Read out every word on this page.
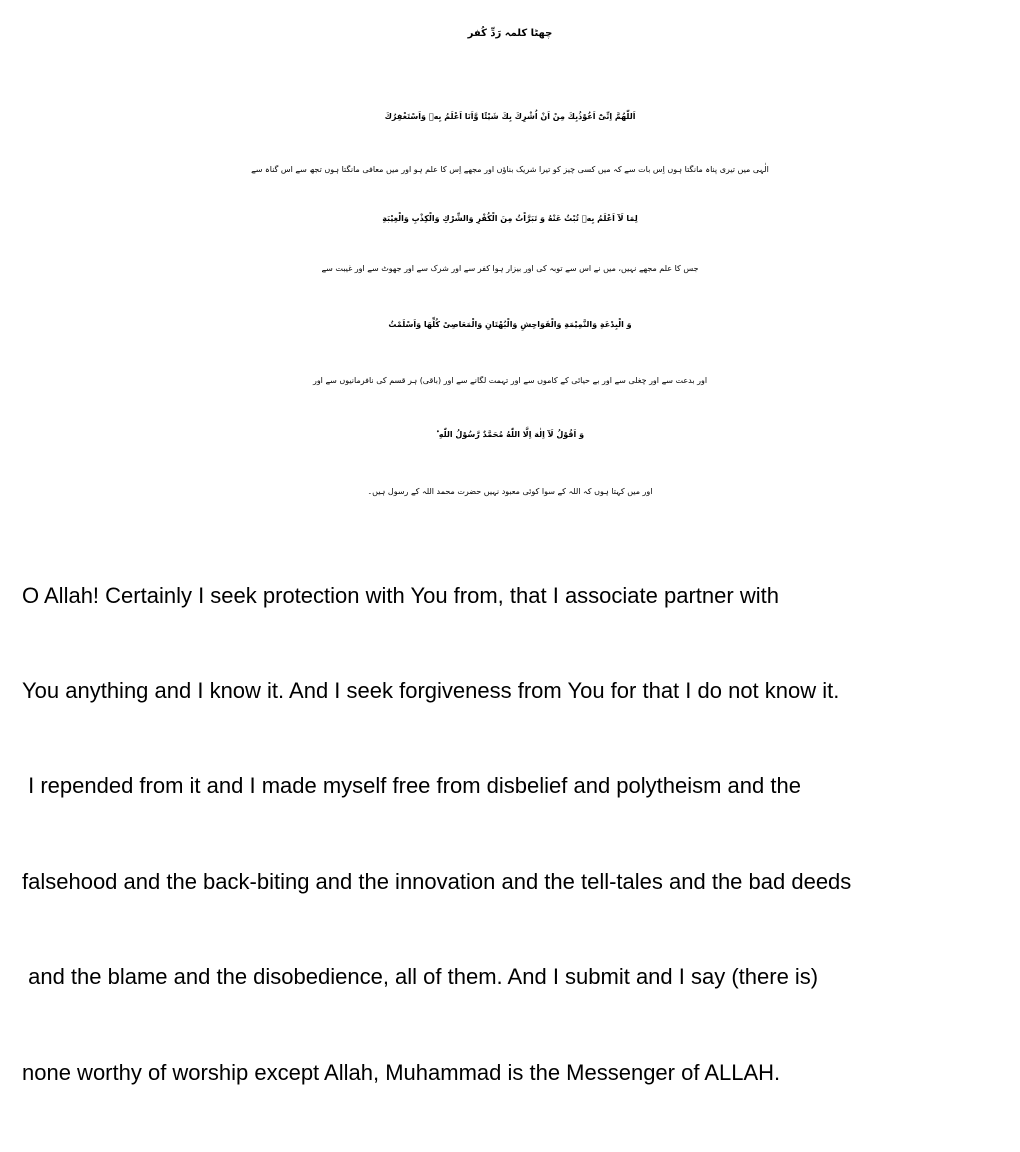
چھٹا کلمہ رَدِّ کُفر
اَللّٰهُمَّ اِنِّىْٓ اَعُوْذُبِكَ مِنْ اَنْ اُشْرِكَ بِكَ شَيْئًا وَّاَنَا اَعْلَمُ بِهٖ وَاَسْتَغْفِرُكَ
الٰہی میں تیری پناہ مانگتا ہوں اِس بات سے کہ میں کسی چیز کو تیرا شریک بناؤں اور مجھے اِس کا علم ہو اور میں معافی مانگتا ہوں تجھ سے اس گناہ سے
لِمَا لَآ اَعْلَمُ بِهٖ تُبْتُ عَنْهُ وَ تَبَرَّاْتُ مِنَ الْكُفْرِ وَالشِّرْكِ وَالْكِذْبِ وَالْغِيْبَةِ
جس کا علم مجھے نہیں، میں نے اس سے توبہ کی اور بیزار ہوا کفر سے اور شرک سے اور جھوٹ سے اور غیبت سے
وَ الْبِدْعَةِ وَالنَّمِيْمَةِ وَالْفَوَاحِشِ وَالْبُهْتَانِ وَالْمَعَاصِىْ كُلِّهَا وَاَسْلَمْتُ
اور بدعت سے اور چغلی سے اور بے حیائی کے کاموں سے اور تہمت لگانے سے اور (باقی) ہر قسم کی نافرمانیوں سے اور
وَ اَقُوْلُ لَآ اِلٰهَ اِلَّا اللّٰهُ مُحَمَّدٌ رَّسُوْلُ اللّٰهِ ؕ
اور میں کہتا ہوں کہ اللہ کے سوا کوئی معبود نہیں حضرت محمد اللہ کے رسول ہیں۔

O Allah! Certainly I seek protection with You from, that I associate partner with

You anything and I know it. And I seek forgiveness from You for that I do not know it.

I repended from it and I made myself free from disbelief and polytheism and the

falsehood and the back-biting and the innovation and the tell-tales and the bad deeds

and the blame and the disobedience, all of them. And I submit and I say (there is)

none worthy of worship except Allah, Muhammad is the Messenger of ALLAH.
